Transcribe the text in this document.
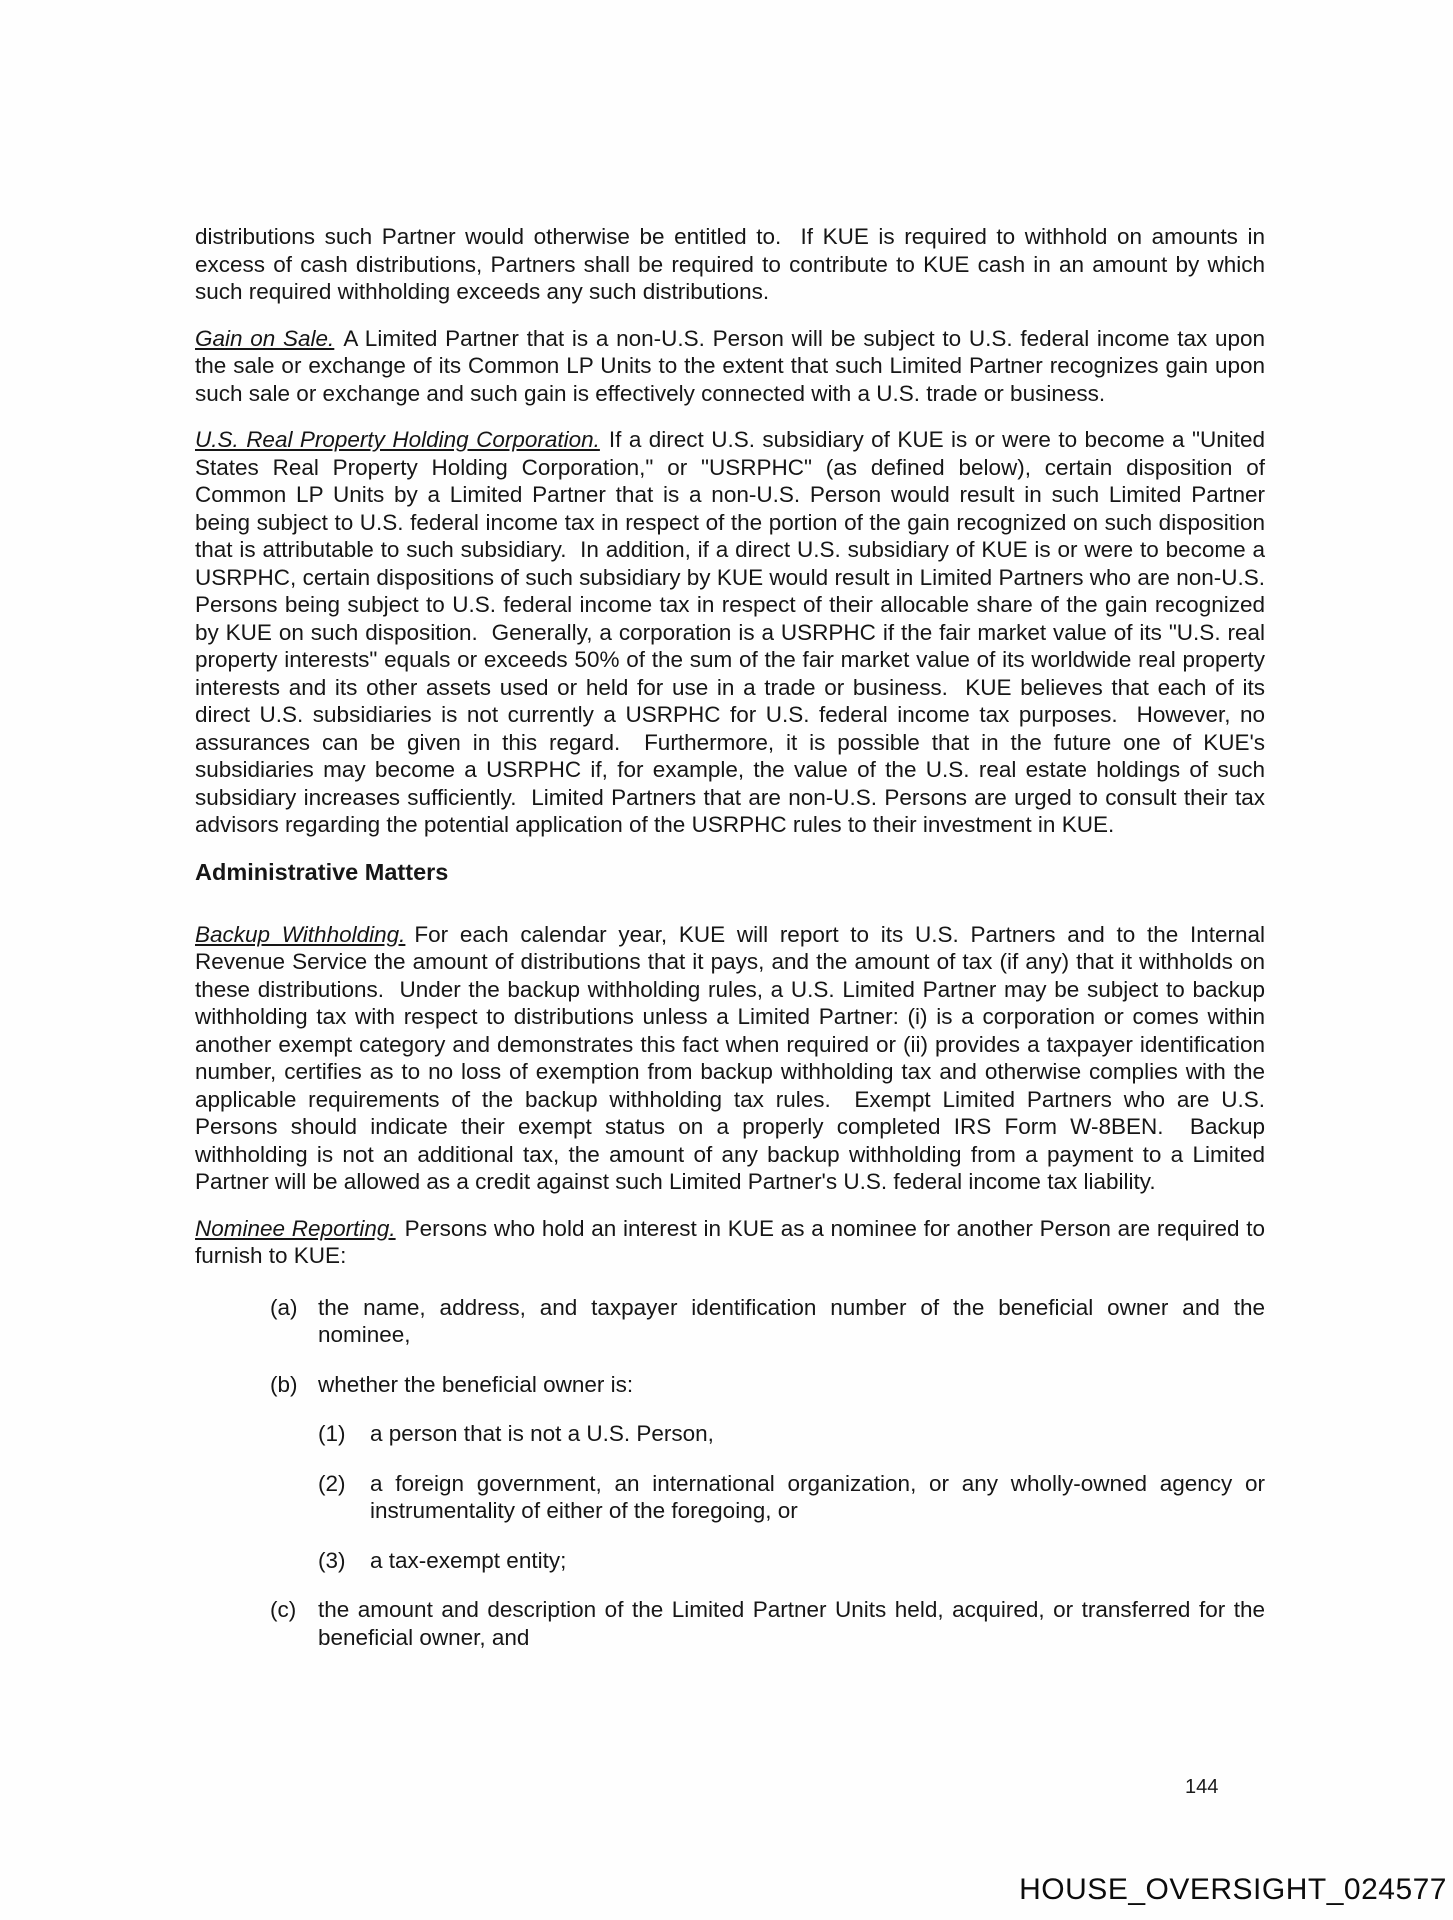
distributions such Partner would otherwise be entitled to.  If KUE is required to withhold on amounts in excess of cash distributions, Partners shall be required to contribute to KUE cash in an amount by which such required withholding exceeds any such distributions.

Gain on Sale. A Limited Partner that is a non-U.S. Person will be subject to U.S. federal income tax upon the sale or exchange of its Common LP Units to the extent that such Limited Partner recognizes gain upon such sale or exchange and such gain is effectively connected with a U.S. trade or business.

U.S. Real Property Holding Corporation. If a direct U.S. subsidiary of KUE is or were to become a "United States Real Property Holding Corporation," or "USRPHC" (as defined below), certain disposition of Common LP Units by a Limited Partner that is a non-U.S. Person would result in such Limited Partner being subject to U.S. federal income tax in respect of the portion of the gain recognized on such disposition that is attributable to such subsidiary.  In addition, if a direct U.S. subsidiary of KUE is or were to become a USRPHC, certain dispositions of such subsidiary by KUE would result in Limited Partners who are non-U.S. Persons being subject to U.S. federal income tax in respect of their allocable share of the gain recognized by KUE on such disposition.  Generally, a corporation is a USRPHC if the fair market value of its "U.S. real property interests" equals or exceeds 50% of the sum of the fair market value of its worldwide real property interests and its other assets used or held for use in a trade or business.  KUE believes that each of its direct U.S. subsidiaries is not currently a USRPHC for U.S. federal income tax purposes.  However, no assurances can be given in this regard.  Furthermore, it is possible that in the future one of KUE's subsidiaries may become a USRPHC if, for example, the value of the U.S. real estate holdings of such subsidiary increases sufficiently.  Limited Partners that are non-U.S. Persons are urged to consult their tax advisors regarding the potential application of the USRPHC rules to their investment in KUE.

Administrative Matters

Backup Withholding. For each calendar year, KUE will report to its U.S. Partners and to the Internal Revenue Service the amount of distributions that it pays, and the amount of tax (if any) that it withholds on these distributions.  Under the backup withholding rules, a U.S. Limited Partner may be subject to backup withholding tax with respect to distributions unless a Limited Partner: (i) is a corporation or comes within another exempt category and demonstrates this fact when required or (ii) provides a taxpayer identification number, certifies as to no loss of exemption from backup withholding tax and otherwise complies with the applicable requirements of the backup withholding tax rules.  Exempt Limited Partners who are U.S. Persons should indicate their exempt status on a properly completed IRS Form W-8BEN.  Backup withholding is not an additional tax, the amount of any backup withholding from a payment to a Limited Partner will be allowed as a credit against such Limited Partner's U.S. federal income tax liability.

Nominee Reporting. Persons who hold an interest in KUE as a nominee for another Person are required to furnish to KUE:

(a) the name, address, and taxpayer identification number of the beneficial owner and the nominee,
(b) whether the beneficial owner is:
(1)	a person that is not a U.S. Person,
(2)	a foreign government, an international organization, or any wholly-owned agency or instrumentality of either of the foregoing, or
(3)	a tax-exempt entity;
(c) the amount and description of the Limited Partner Units held, acquired, or transferred for the beneficial owner, and
144
HOUSE_OVERSIGHT_024577
